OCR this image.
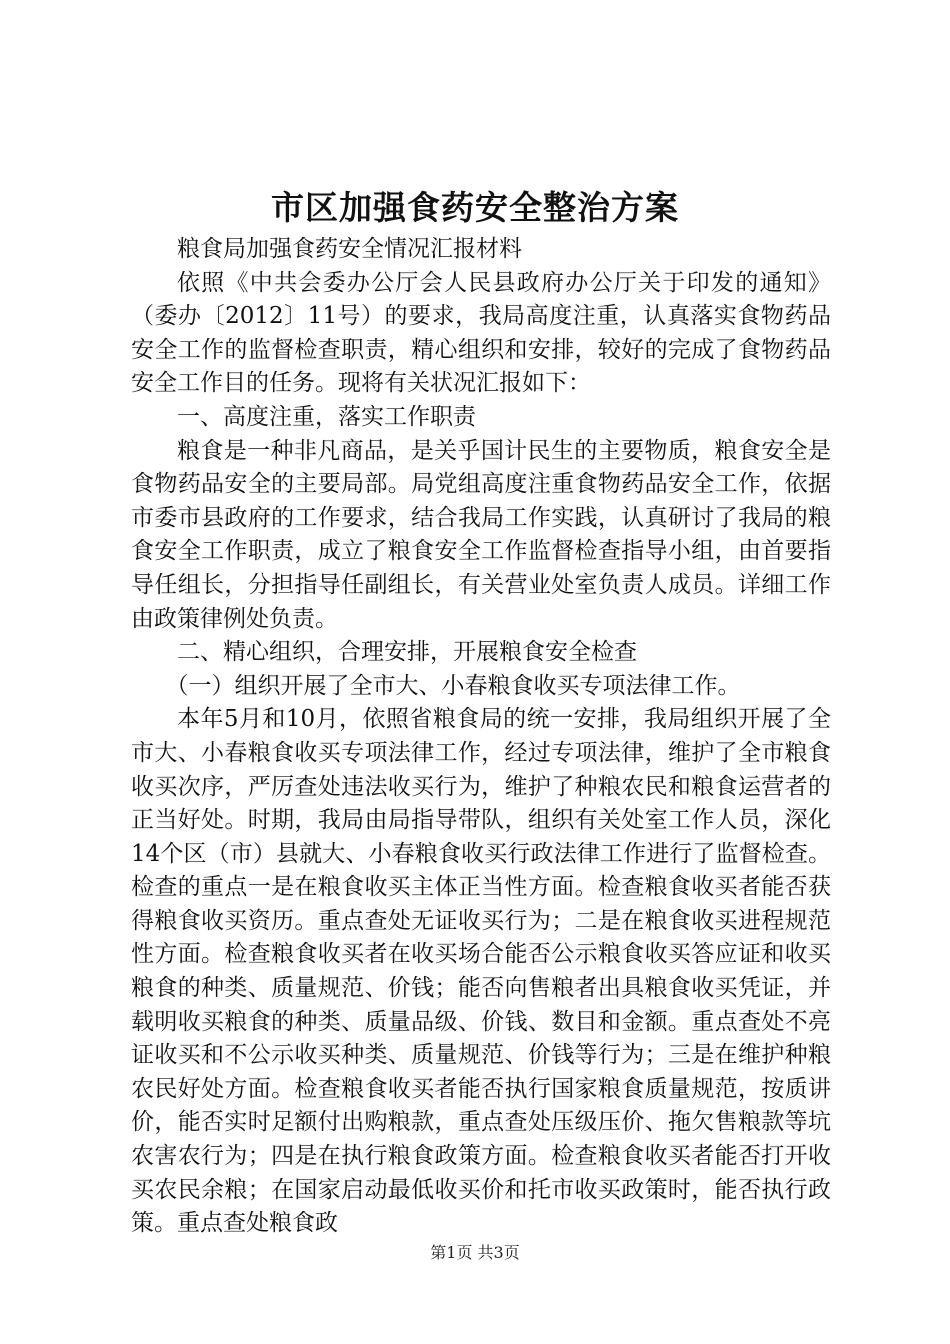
市区加强食药安全整治方案

粮食局加强食药安全情况汇报材料

依照《中共会委办公厅会人民县政府办公厅关于印发的通知》（委办〔2012〕11号）的要求，我局高度注重，认真落实食物药品安全工作的监督检查职责，精心组织和安排，较好的完成了食物药品安全工作目的任务。现将有关状况汇报如下：

一、高度注重，落实工作职责

粮食是一种非凡商品，是关乎国计民生的主要物质，粮食安全是食物药品安全的主要局部。局党组高度注重食物药品安全工作，依据市委市县政府的工作要求，结合我局工作实践，认真研讨了我局的粮食安全工作职责，成立了粮食安全工作监督检查指导小组，由首要指导任组长，分担指导任副组长，有关营业处室负责人成员。详细工作由政策律例处负责。

二、精心组织，合理安排，开展粮食安全检查

（一）组织开展了全市大、小春粮食收买专项法律工作。

本年5月和10月，依照省粮食局的统一安排，我局组织开展了全市大、小春粮食收买专项法律工作，经过专项法律，维护了全市粮食收买次序，严厉查处违法收买行为，维护了种粮农民和粮食运营者的正当好处。时期，我局由局指导带队，组织有关处室工作人员，深化14个区（市）县就大、小春粮食收买行政法律工作进行了监督检查。检查的重点一是在粮食收买主体正当性方面。检查粮食收买者能否获得粮食收买资历。重点查处无证收买行为；二是在粮食收买进程规范性方面。检查粮食收买者在收买场合能否公示粮食收买答应证和收买粮食的种类、质量规范、价钱；能否向售粮者出具粮食收买凭证，并载明收买粮食的种类、质量品级、价钱、数目和金额。重点查处不亮证收买和不公示收买种类、质量规范、价钱等行为；三是在维护种粮农民好处方面。检查粮食收买者能否执行国家粮食质量规范，按质讲价，能否实时足额付出购粮款，重点查处压级压价、拖欠售粮款等坑农害农行为；四是在执行粮食政策方面。检查粮食收买者能否打开收买农民余粮；在国家启动最低收买价和托市收买政策时，能否执行政策。重点查处粮食政

第1页 共3页
